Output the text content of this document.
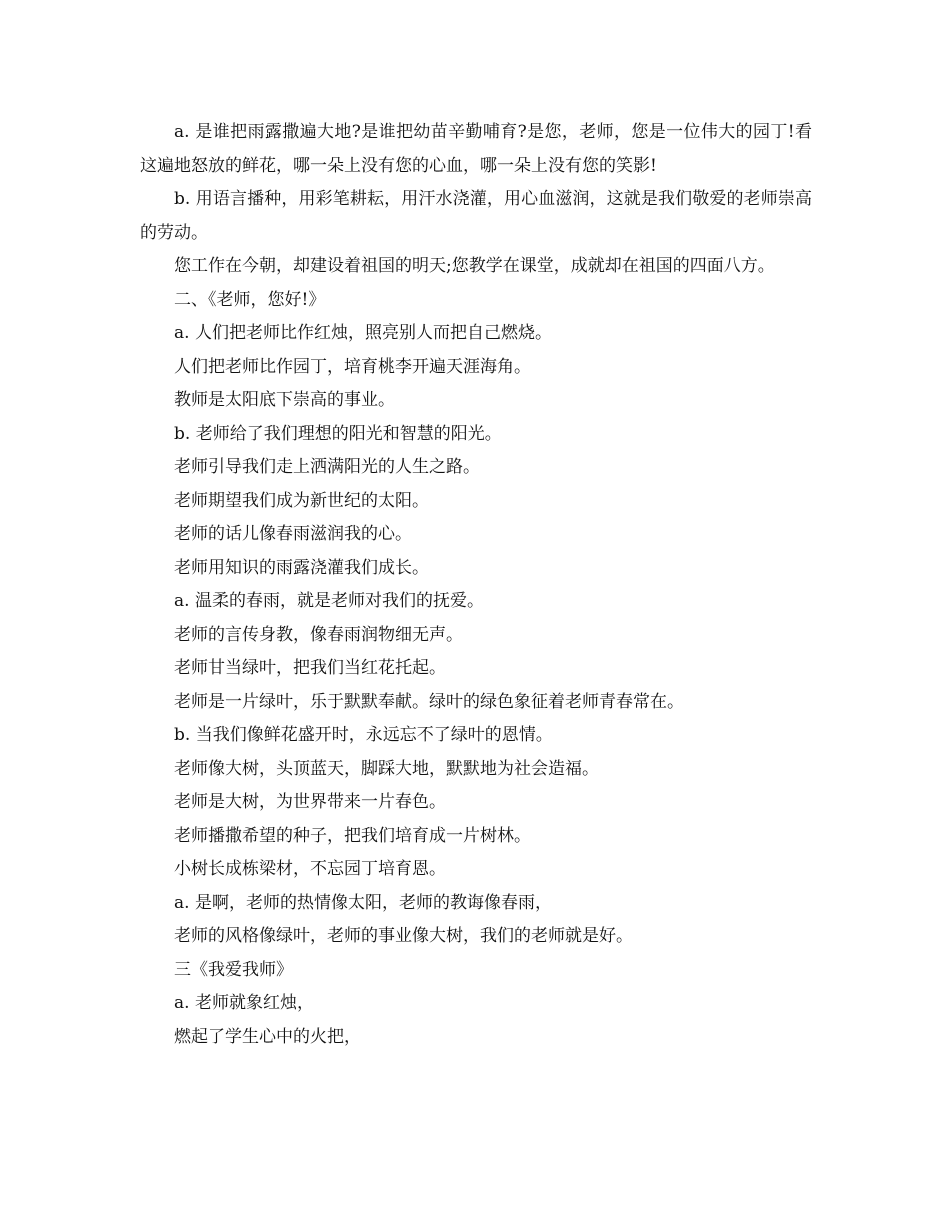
a. 是谁把雨露撒遍大地?是谁把幼苗辛勤哺育?是您，老师，您是一位伟大的园丁!看这遍地怒放的鲜花，哪一朵上没有您的心血，哪一朵上没有您的笑影!

b. 用语言播种，用彩笔耕耘，用汗水浇灌，用心血滋润，这就是我们敬爱的老师崇高的劳动。

您工作在今朝，却建设着祖国的明天;您教学在课堂，成就却在祖国的四面八方。

二、《老师，您好!》

a. 人们把老师比作红烛，照亮别人而把自己燃烧。

人们把老师比作园丁，培育桃李开遍天涯海角。

教师是太阳底下崇高的事业。

b. 老师给了我们理想的阳光和智慧的阳光。

老师引导我们走上洒满阳光的人生之路。

老师期望我们成为新世纪的太阳。

老师的话儿像春雨滋润我的心。

老师用知识的雨露浇灌我们成长。

a. 温柔的春雨，就是老师对我们的抚爱。

老师的言传身教，像春雨润物细无声。

老师甘当绿叶，把我们当红花托起。

老师是一片绿叶，乐于默默奉献。绿叶的绿色象征着老师青春常在。

b. 当我们像鲜花盛开时，永远忘不了绿叶的恩情。

老师像大树，头顶蓝天，脚踩大地，默默地为社会造福。

老师是大树，为世界带来一片春色。

老师播撒希望的种子，把我们培育成一片树林。

小树长成栋梁材，不忘园丁培育恩。

a. 是啊，老师的热情像太阳，老师的教诲像春雨，

老师的风格像绿叶，老师的事业像大树，我们的老师就是好。

三《我爱我师》

a. 老师就象红烛，

燃起了学生心中的火把，
